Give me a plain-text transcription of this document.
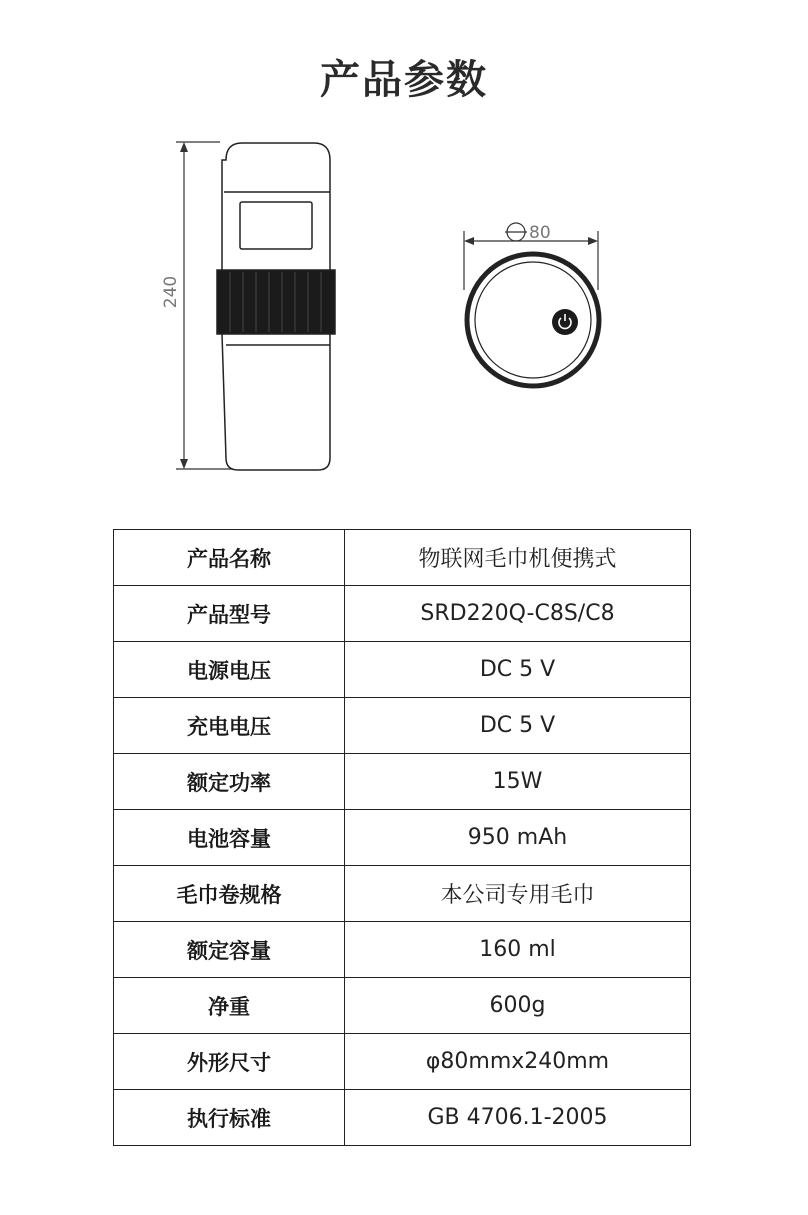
产品参数
240
80
产品名称	物联网毛巾机便携式
产品型号	SRD220Q-C8S/C8
电源电压	DC 5 V
充电电压	DC 5 V
额定功率	15W
电池容量	950 mAh
毛巾卷规格	本公司专用毛巾
额定容量	160 ml
净重	600g
外形尺寸	φ80mmx240mm
执行标准	GB 4706.1-2005
